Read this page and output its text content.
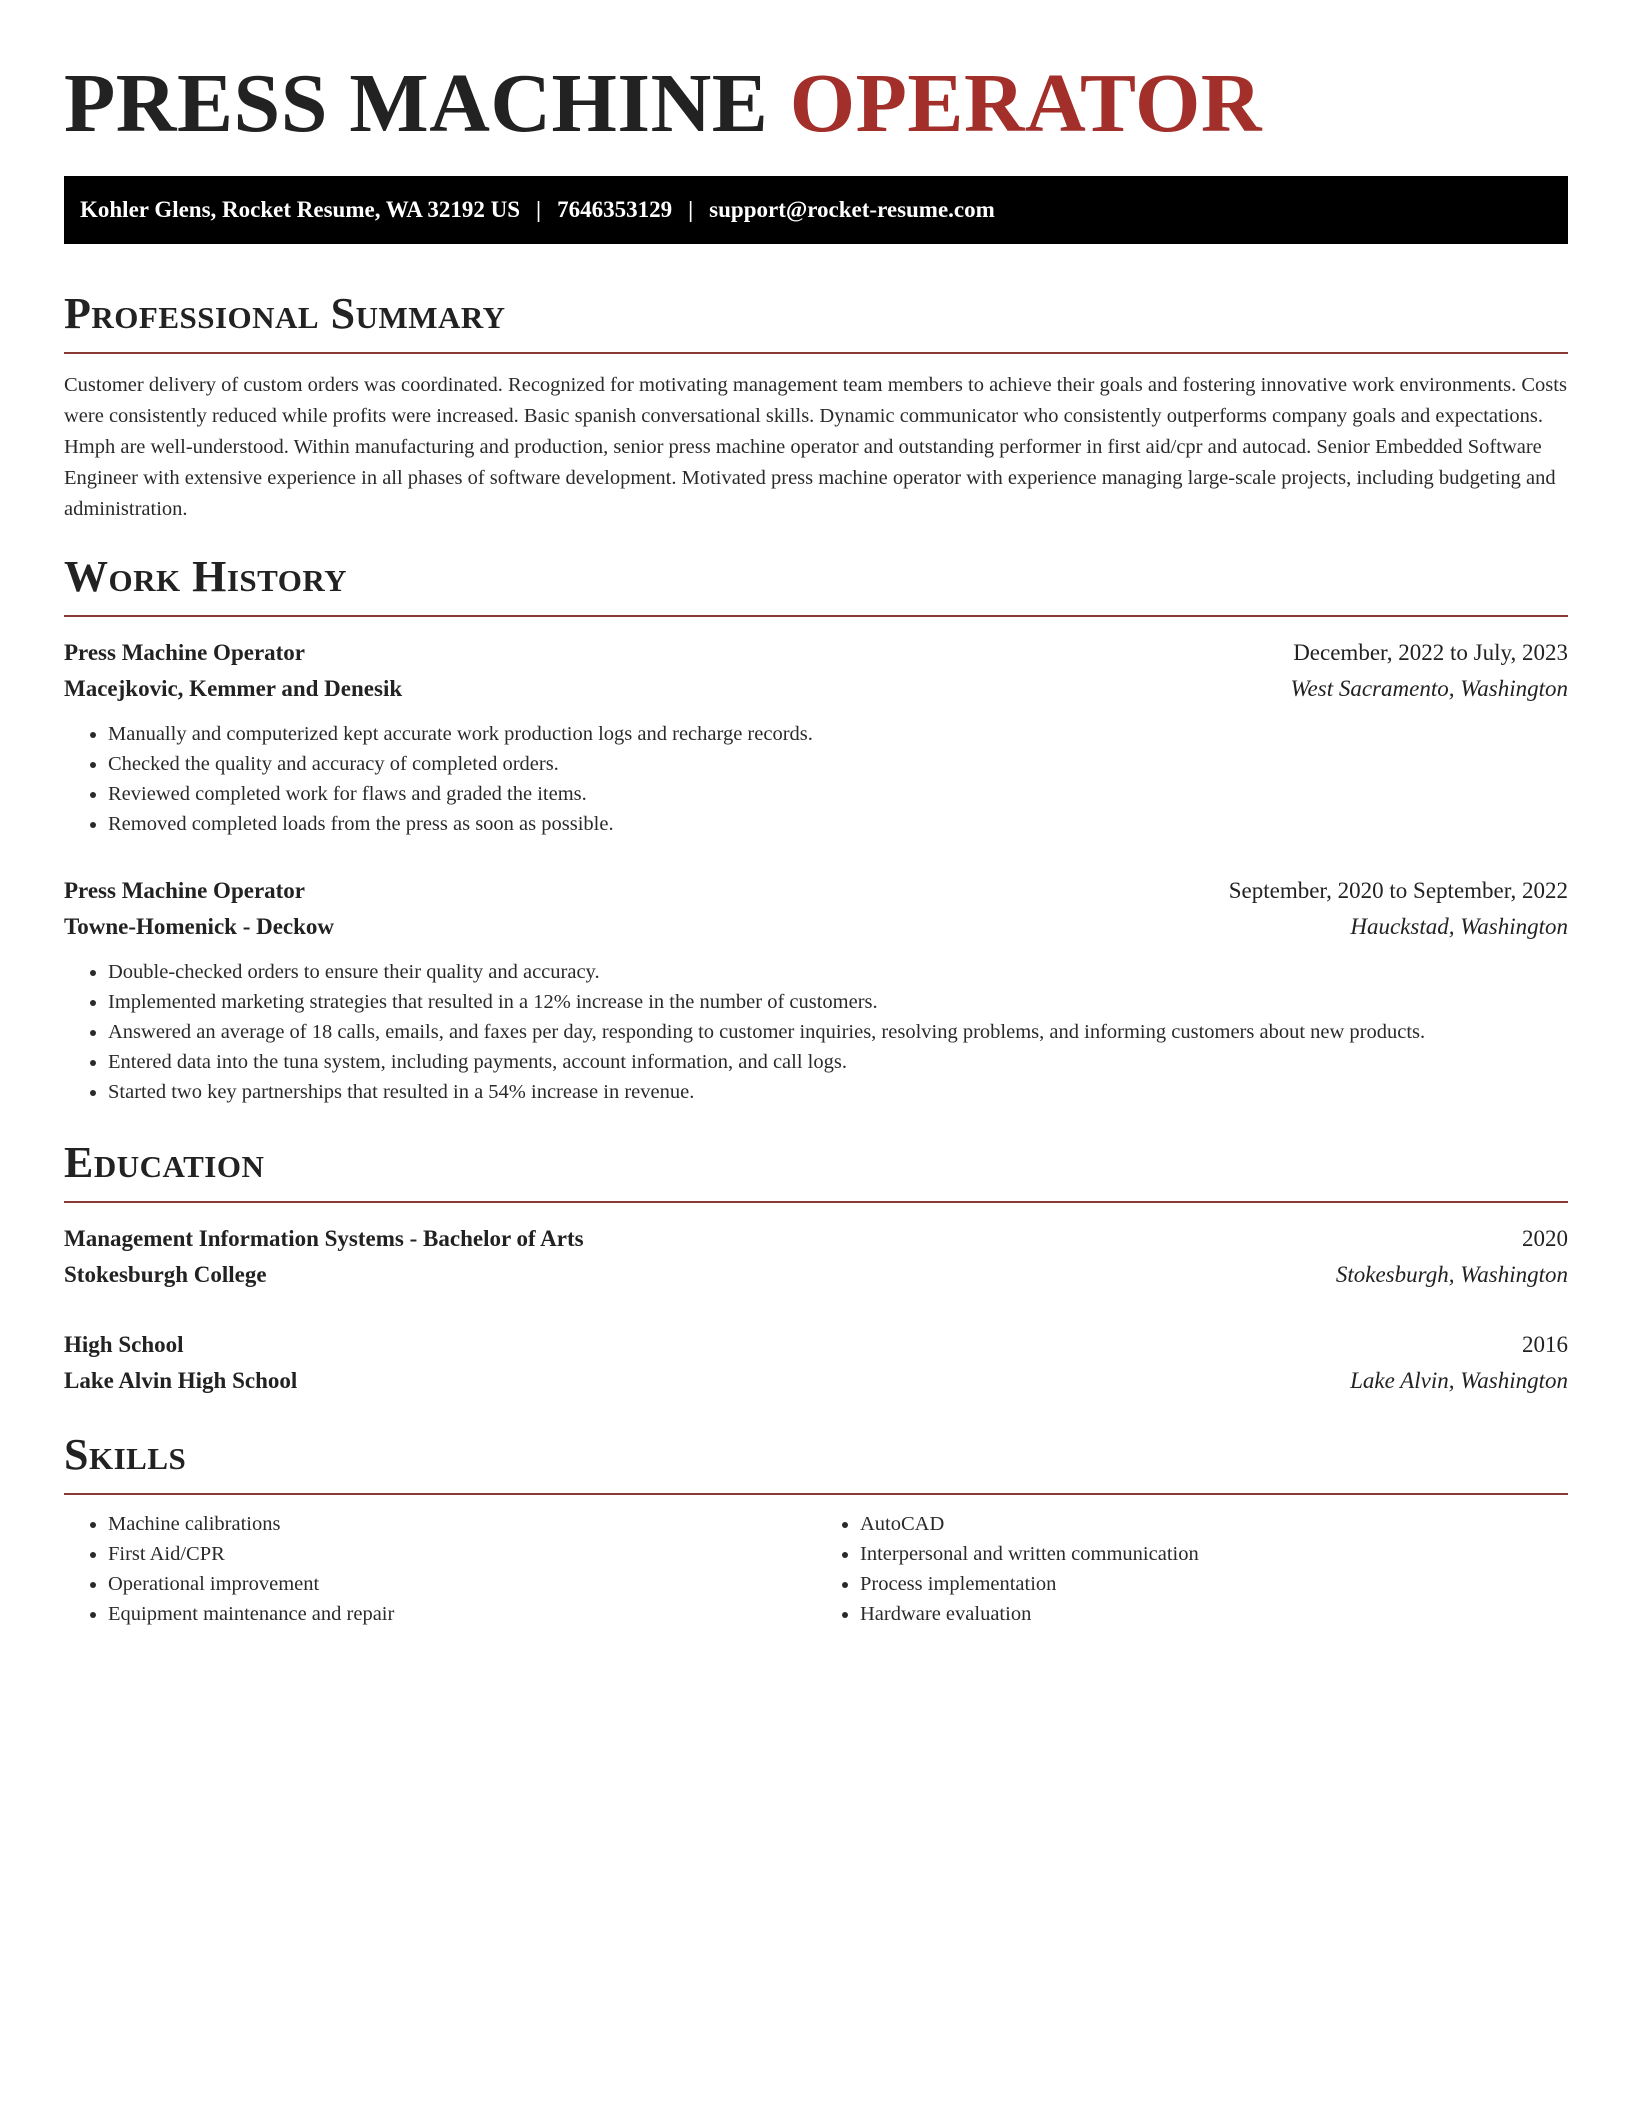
PRESS MACHINE OPERATOR
Kohler Glens, Rocket Resume, WA 32192 US | 7646353129 | support@rocket-resume.com
Professional Summary

Customer delivery of custom orders was coordinated. Recognized for motivating management team members to achieve their goals and fostering innovative work environments. Costs were consistently reduced while profits were increased. Basic spanish conversational skills. Dynamic communicator who consistently outperforms company goals and expectations. Hmph are well-understood. Within manufacturing and production, senior press machine operator and outstanding performer in first aid/cpr and autocad. Senior Embedded Software Engineer with extensive experience in all phases of software development. Motivated press machine operator with experience managing large-scale projects, including budgeting and administration.

Work History
Press Machine Operator	December, 2022 to July, 2023
Macejkovic, Kemmer and Denesik	West Sacramento, Washington
• Manually and computerized kept accurate work production logs and recharge records.
• Checked the quality and accuracy of completed orders.
• Reviewed completed work for flaws and graded the items.
• Removed completed loads from the press as soon as possible.
Press Machine Operator	September, 2020 to September, 2022
Towne-Homenick - Deckow	Hauckstad, Washington
• Double-checked orders to ensure their quality and accuracy.
• Implemented marketing strategies that resulted in a 12% increase in the number of customers.
• Answered an average of 18 calls, emails, and faxes per day, responding to customer inquiries, resolving problems, and informing customers about new products.
• Entered data into the tuna system, including payments, account information, and call logs.
• Started two key partnerships that resulted in a 54% increase in revenue.
Education
Management Information Systems - Bachelor of Arts	2020
Stokesburgh College	Stokesburgh, Washington
High School	2016
Lake Alvin High School	Lake Alvin, Washington
Skills
• Machine calibrations
• First Aid/CPR
• Operational improvement
• Equipment maintenance and repair
• AutoCAD
• Interpersonal and written communication
• Process implementation
• Hardware evaluation
